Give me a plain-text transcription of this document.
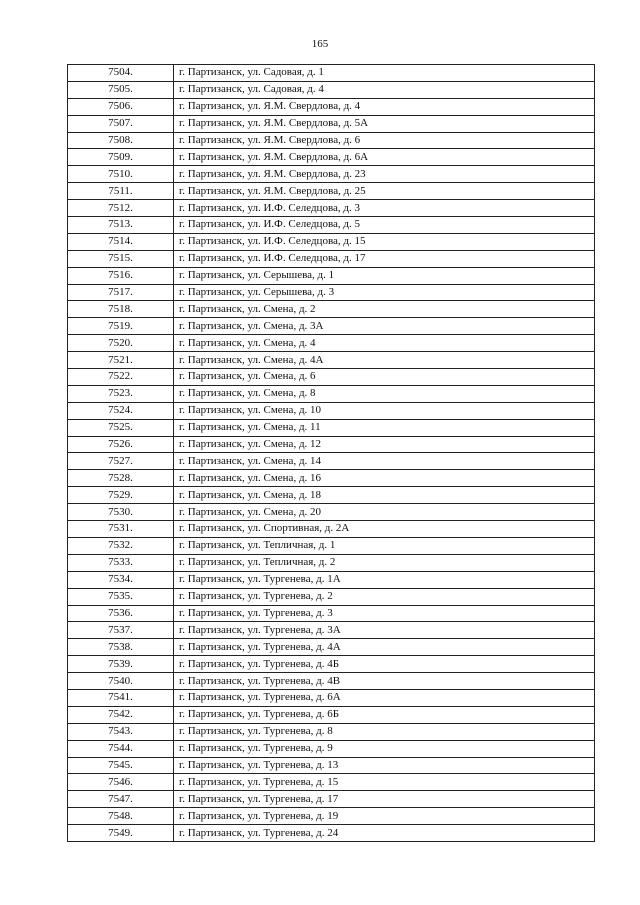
165
7504.	г. Партизанск, ул. Садовая, д. 1
7505.	г. Партизанск, ул. Садовая, д. 4
7506.	г. Партизанск, ул. Я.М. Свердлова, д. 4
7507.	г. Партизанск, ул. Я.М. Свердлова, д. 5А
7508.	г. Партизанск, ул. Я.М. Свердлова, д. 6
7509.	г. Партизанск, ул. Я.М. Свердлова, д. 6А
7510.	г. Партизанск, ул. Я.М. Свердлова, д. 23
7511.	г. Партизанск, ул. Я.М. Свердлова, д. 25
7512.	г. Партизанск, ул. И.Ф. Селедцова, д. 3
7513.	г. Партизанск, ул. И.Ф. Селедцова, д. 5
7514.	г. Партизанск, ул. И.Ф. Селедцова, д. 15
7515.	г. Партизанск, ул. И.Ф. Селедцова, д. 17
7516.	г. Партизанск, ул. Серышева, д. 1
7517.	г. Партизанск, ул. Серышева, д. 3
7518.	г. Партизанск, ул. Смена, д. 2
7519.	г. Партизанск, ул. Смена, д. 3А
7520.	г. Партизанск, ул. Смена, д. 4
7521.	г. Партизанск, ул. Смена, д. 4А
7522.	г. Партизанск, ул. Смена, д. 6
7523.	г. Партизанск, ул. Смена, д. 8
7524.	г. Партизанск, ул. Смена, д. 10
7525.	г. Партизанск, ул. Смена, д. 11
7526.	г. Партизанск, ул. Смена, д. 12
7527.	г. Партизанск, ул. Смена, д. 14
7528.	г. Партизанск, ул. Смена, д. 16
7529.	г. Партизанск, ул. Смена, д. 18
7530.	г. Партизанск, ул. Смена, д. 20
7531.	г. Партизанск, ул. Спортивная, д. 2А
7532.	г. Партизанск, ул. Тепличная, д. 1
7533.	г. Партизанск, ул. Тепличная, д. 2
7534.	г. Партизанск, ул. Тургенева, д. 1А
7535.	г. Партизанск, ул. Тургенева, д. 2
7536.	г. Партизанск, ул. Тургенева, д. 3
7537.	г. Партизанск, ул. Тургенева, д. 3А
7538.	г. Партизанск, ул. Тургенева, д. 4А
7539.	г. Партизанск, ул. Тургенева, д. 4Б
7540.	г. Партизанск, ул. Тургенева, д. 4В
7541.	г. Партизанск, ул. Тургенева, д. 6А
7542.	г. Партизанск, ул. Тургенева, д. 6Б
7543.	г. Партизанск, ул. Тургенева, д. 8
7544.	г. Партизанск, ул. Тургенева, д. 9
7545.	г. Партизанск, ул. Тургенева, д. 13
7546.	г. Партизанск, ул. Тургенева, д. 15
7547.	г. Партизанск, ул. Тургенева, д. 17
7548.	г. Партизанск, ул. Тургенева, д. 19
7549.	г. Партизанск, ул. Тургенева, д. 24
